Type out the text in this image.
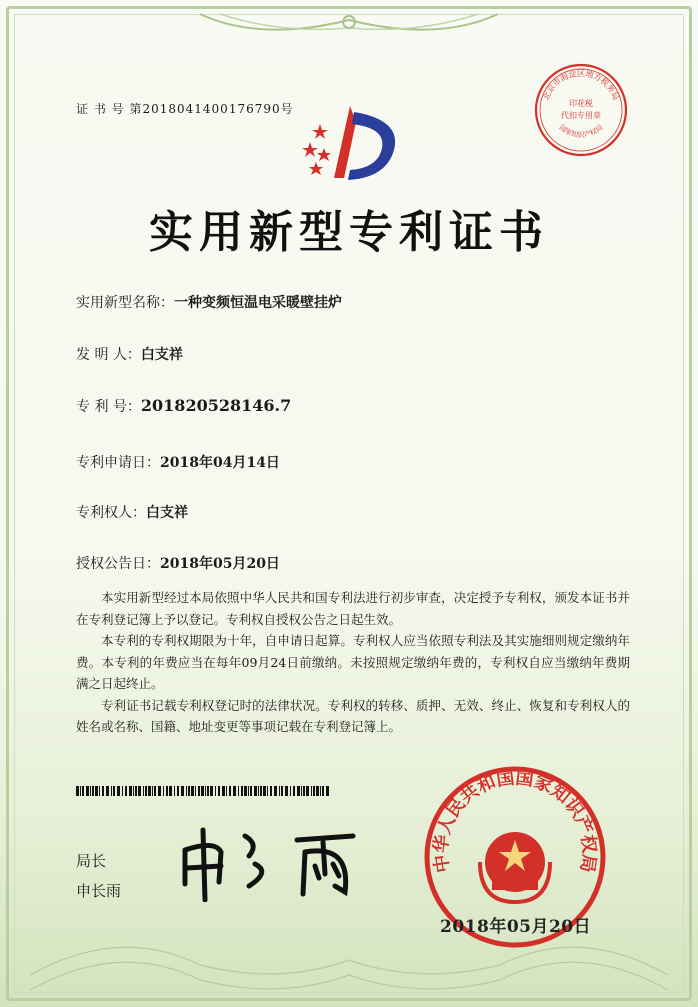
证 书 号 第2018041400176790号
实用新型专利证书
实用新型名称：一种变频恒温电采暖壁挂炉
发 明 人：白支祥
专 利 号：201820528146.7
专利申请日：2018年04月14日
专利权人：白支祥
授权公告日：2018年05月20日

本实用新型经过本局依照中华人民共和国专利法进行初步审查，决定授予专利权，颁发本证书并在专利登记簿上予以登记。专利权自授权公告之日起生效。

本专利的专利权期限为十年，自申请日起算。专利权人应当依照专利法及其实施细则规定缴纳年费。本专利的年费应当在每年09月24日前缴纳。未按照规定缴纳年费的，专利权自应当缴纳年费期满之日起终止。

专利证书记载专利权登记时的法律状况。专利权的转移、质押、无效、终止、恢复和专利权人的姓名或名称、国籍、地址变更等事项记载在专利登记簿上。

局长
申长雨
北京市海淀区地方税务局
印花税
代扣专用章
国家知识产权局
中华人民共和国国家知识产权局
2018年05月20日
